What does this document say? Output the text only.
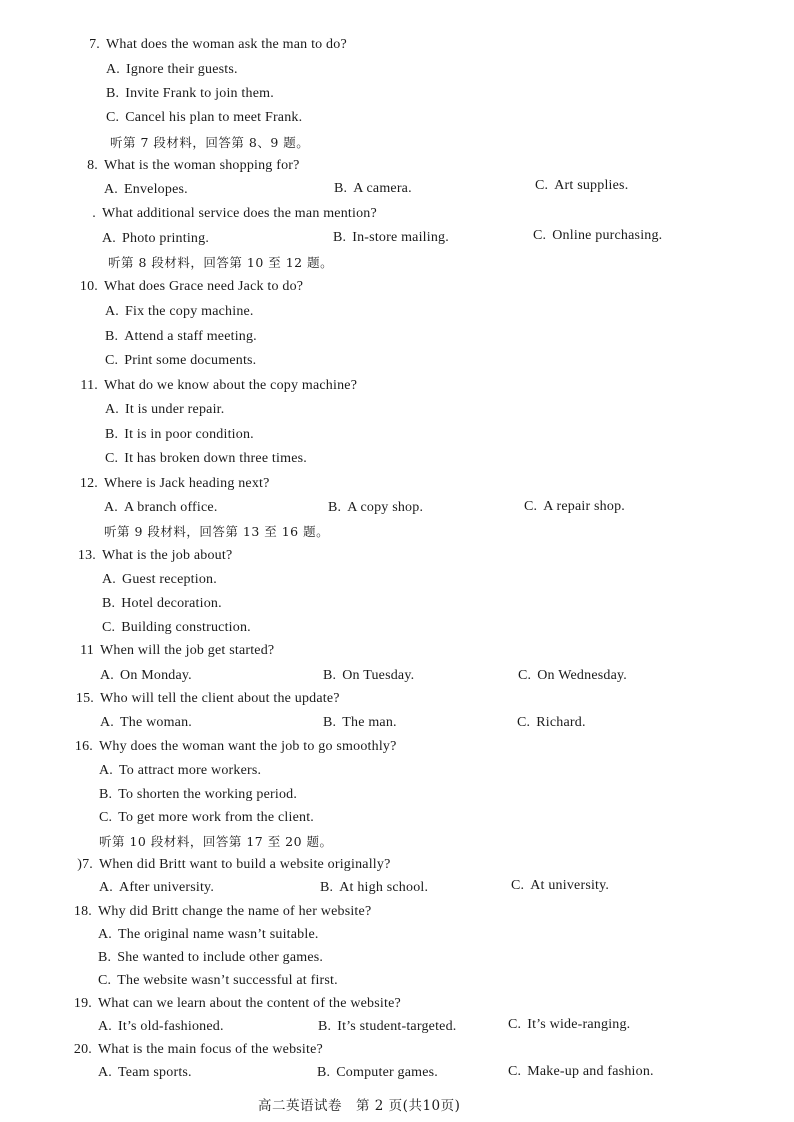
7. What does the woman ask the man to do?
A. Ignore their guests.
B. Invite Frank to join them.
C. Cancel his plan to meet Frank.
听第 7 段材料，回答第 8、9 题。
8. What is the woman shopping for?
A. Envelopes.	B. A camera.	C. Art supplies.
. What additional service does the man mention?
A. Photo printing.	B. In-store mailing.	C. Online purchasing.
听第 8 段材料，回答第 10 至 12 题。
10. What does Grace need Jack to do?
A. Fix the copy machine.
B. Attend a staff meeting.
C. Print some documents.
11. What do we know about the copy machine?
A. It is under repair.
B. It is in poor condition.
C. It has broken down three times.
12. Where is Jack heading next?
A. A branch office.	B. A copy shop.	C. A repair shop.
听第 9 段材料，回答第 13 至 16 题。
13. What is the job about?
A. Guest reception.
B. Hotel decoration.
C. Building construction.
11 When will the job get started?
A. On Monday.	B. On Tuesday.	C. On Wednesday.
15. Who will tell the client about the update?
A. The woman.	B. The man.	C. Richard.
16. Why does the woman want the job to go smoothly?
A. To attract more workers.
B. To shorten the working period.
C. To get more work from the client.
听第 10 段材料，回答第 17 至 20 题。
)7. When did Britt want to build a website originally?
A. After university.	B. At high school.	C. At university.
18. Why did Britt change the name of her website?
A. The original name wasn’t suitable.
B. She wanted to include other games.
C. The website wasn’t successful at first.
19. What can we learn about the content of the website?
A. It’s old-fashioned.	B. It’s student-targeted.	C. It’s wide-ranging.
20. What is the main focus of the website?
A. Team sports.	B. Computer games.	C. Make-up and fashion.
高二英语试卷　第 2 页(共10页)
